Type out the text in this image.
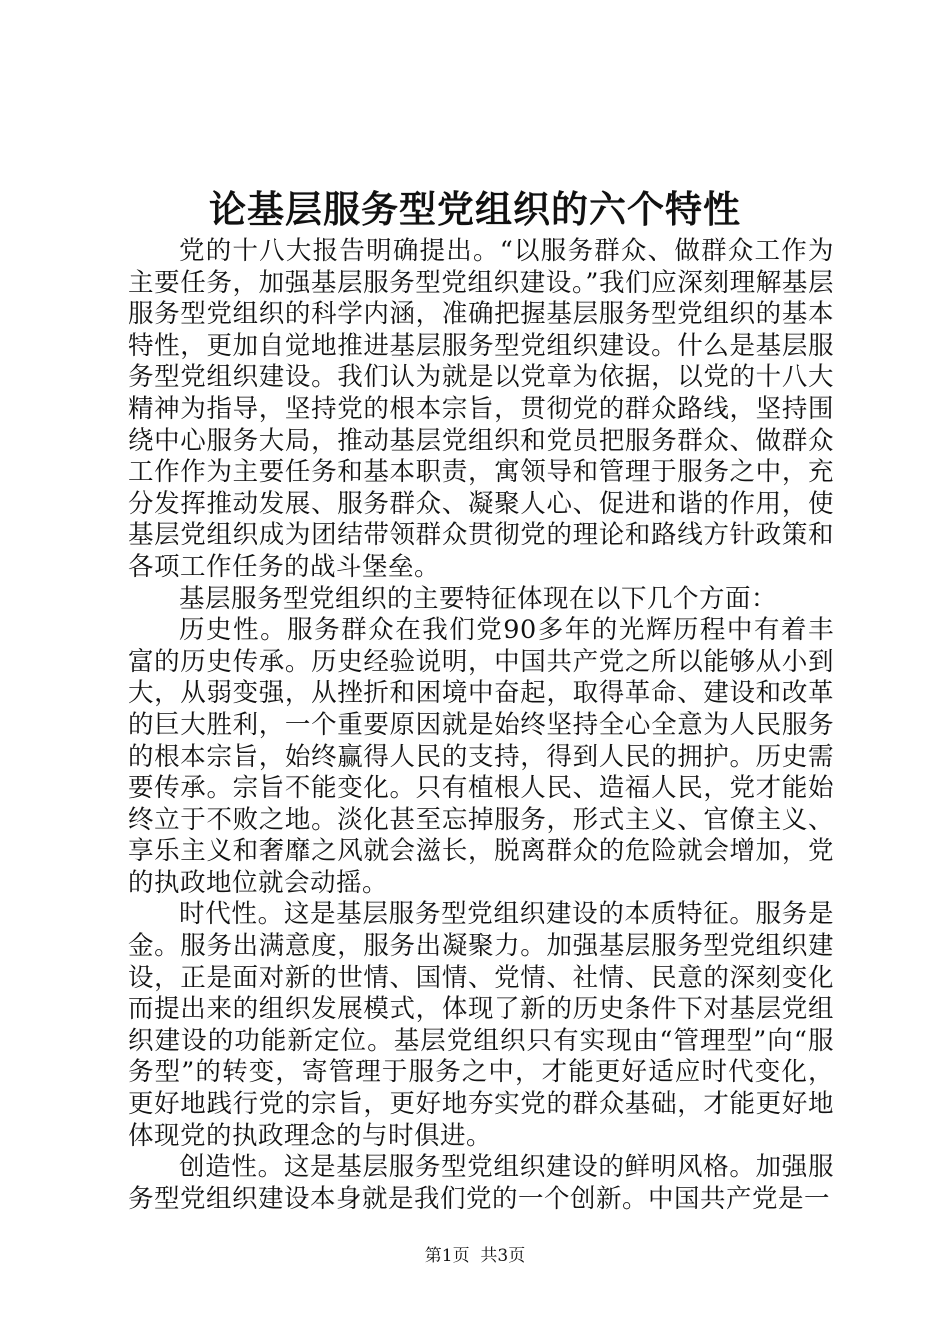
论基层服务型党组织的六个特性

党的十八大报告明确提出。“以服务群众、做群众工作为主要任务，加强基层服务型党组织建设。”我们应深刻理解基层服务型党组织的科学内涵，准确把握基层服务型党组织的基本特性，更加自觉地推进基层服务型党组织建设。什么是基层服务型党组织建设。我们认为就是以党章为依据，以党的十八大精神为指导，坚持党的根本宗旨，贯彻党的群众路线，坚持围绕中心服务大局，推动基层党组织和党员把服务群众、做群众工作作为主要任务和基本职责，寓领导和管理于服务之中，充分发挥推动发展、服务群众、凝聚人心、促进和谐的作用，使基层党组织成为团结带领群众贯彻党的理论和路线方针政策和各项工作任务的战斗堡垒。

基层服务型党组织的主要特征体现在以下几个方面：

历史性。服务群众在我们党90多年的光辉历程中有着丰富的历史传承。历史经验说明，中国共产党之所以能够从小到大，从弱变强，从挫折和困境中奋起，取得革命、建设和改革的巨大胜利，一个重要原因就是始终坚持全心全意为人民服务的根本宗旨，始终赢得人民的支持，得到人民的拥护。历史需要传承。宗旨不能变化。只有植根人民、造福人民，党才能始终立于不败之地。淡化甚至忘掉服务，形式主义、官僚主义、享乐主义和奢靡之风就会滋长，脱离群众的危险就会增加，党的执政地位就会动摇。

时代性。这是基层服务型党组织建设的本质特征。服务是金。服务出满意度，服务出凝聚力。加强基层服务型党组织建设，正是面对新的世情、国情、党情、社情、民意的深刻变化而提出来的组织发展模式，体现了新的历史条件下对基层党组织建设的功能新定位。基层党组织只有实现由“管理型”向“服务型”的转变，寄管理于服务之中，才能更好适应时代变化，更好地践行党的宗旨，更好地夯实党的群众基础，才能更好地体现党的执政理念的与时俱进。

创造性。这是基层服务型党组织建设的鲜明风格。加强服务型党组织建设本身就是我们党的一个创新。中国共产党是一

第1页 共3页
